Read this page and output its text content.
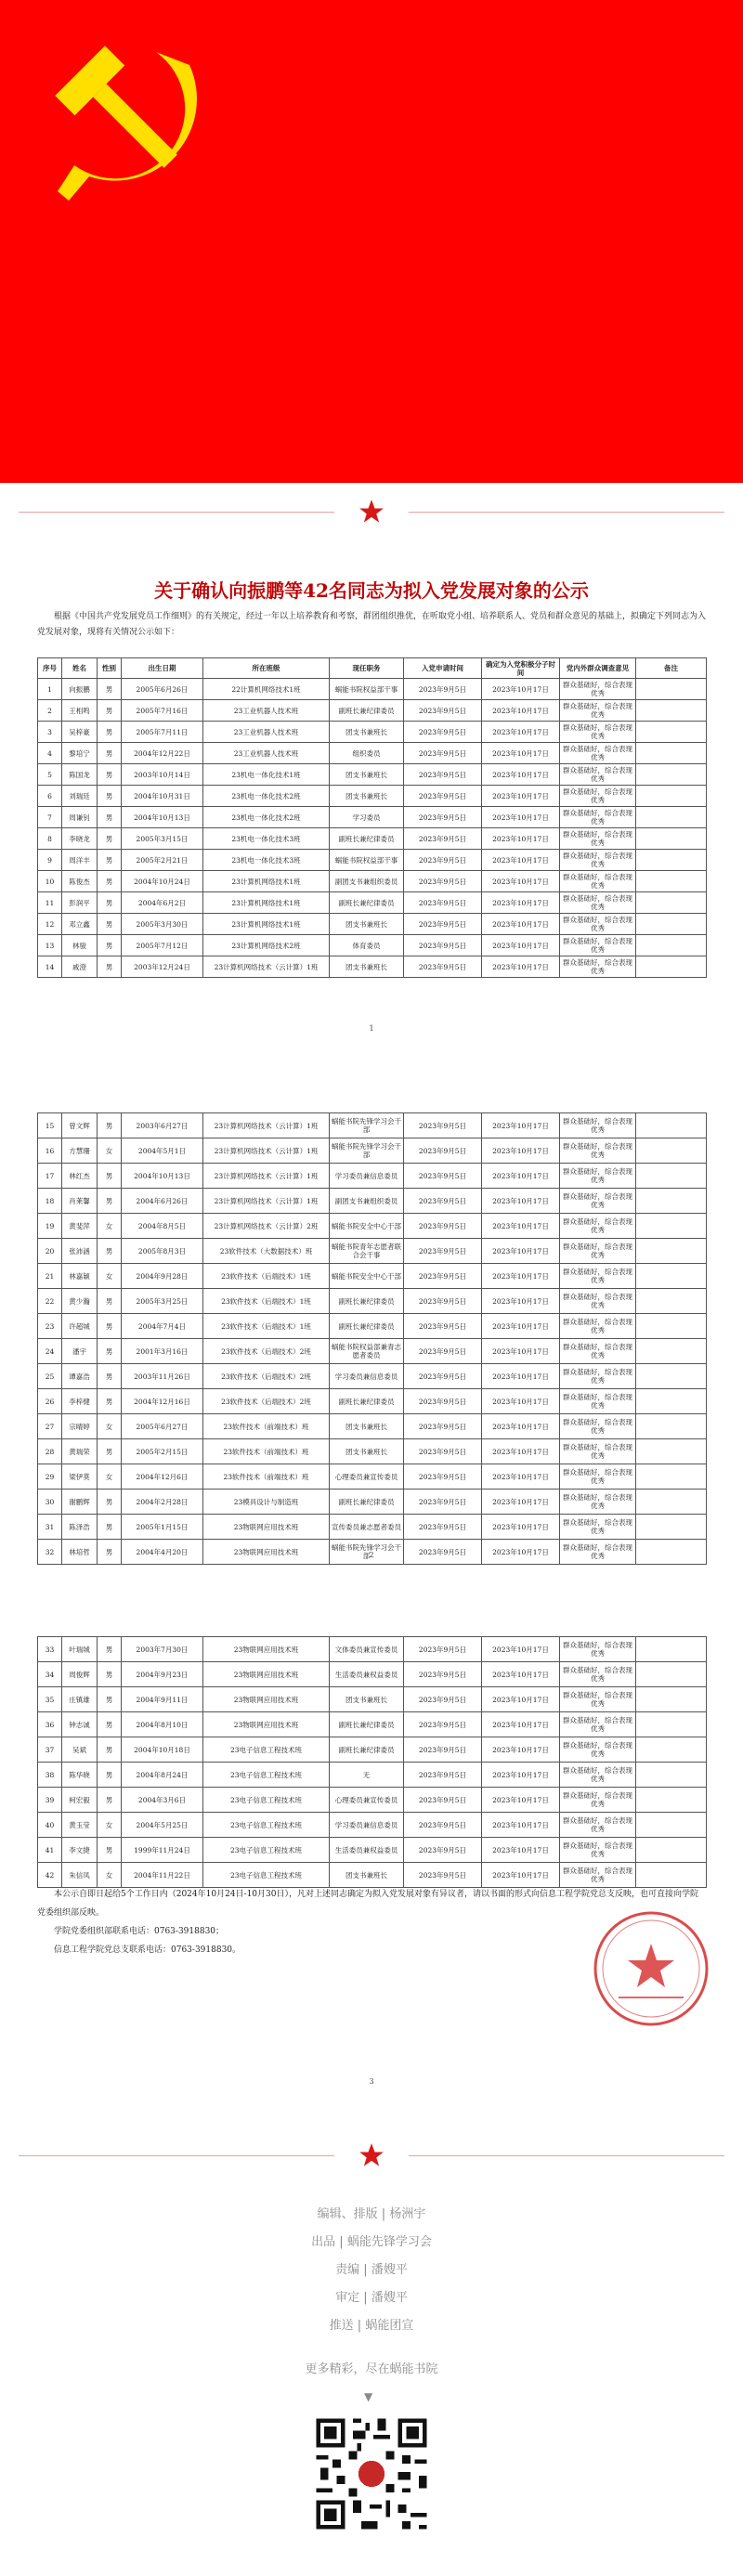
关于确认向振鹏等42名同志为拟入党发展对象的公示
根据《中国共产党发展党员工作细则》的有关规定，经过一年以上培养教育和考察，群团组织推优，在听取党小组、培养联系人、党员和群众意见的基础上，拟确定下列同志为入党发展对象，现将有关情况公示如下：
序号	姓名	性别	出生日期	所在班级	现任职务	入党申请时间	确定为入党积极分子时间	党内外群众调查意见	备注
1	向振鹏	男	2005年6月26日	22计算机网络技术1班	蜗能书院权益部干事	2023年9月5日	2023年10月17日	群众基础好，综合表现优秀	
2	王相鸣	男	2005年7月16日	23工业机器人技术班	副班长兼纪律委员	2023年9月5日	2023年10月17日	群众基础好，综合表现优秀	
3	吴梓豪	男	2005年7月11日	23工业机器人技术班	团支书兼班长	2023年9月5日	2023年10月17日	群众基础好，综合表现优秀	
4	黎培宁	男	2004年12月22日	23工业机器人技术班	组织委员	2023年9月5日	2023年10月17日	群众基础好，综合表现优秀	
5	陈国龙	男	2003年10月14日	23机电一体化技术1班	团支书兼班长	2023年9月5日	2023年10月17日	群众基础好，综合表现优秀	
6	刘瑞廷	男	2004年10月31日	23机电一体化技术2班	团支书兼班长	2023年9月5日	2023年10月17日	群众基础好，综合表现优秀	
7	周谦钊	男	2004年10月13日	23机电一体化技术2班	学习委员	2023年9月5日	2023年10月17日	群众基础好，综合表现优秀	
8	李晓龙	男	2005年3月15日	23机电一体化技术3班	副班长兼纪律委员	2023年9月5日	2023年10月17日	群众基础好，综合表现优秀	
9	周洋丰	男	2005年2月21日	23机电一体化技术3班	蜗能书院权益部干事	2023年9月5日	2023年10月17日	群众基础好，综合表现优秀	
10	陈俊杰	男	2004年10月24日	23计算机网络技术1班	副团支书兼组织委员	2023年9月5日	2023年10月17日	群众基础好，综合表现优秀	
11	彭润平	男	2004年6月2日	23计算机网络技术1班	副班长兼纪律委员	2023年9月5日	2023年10月17日	群众基础好，综合表现优秀	
12	邓立鑫	男	2005年3月30日	23计算机网络技术1班	团支书兼班长	2023年9月5日	2023年10月17日	群众基础好，综合表现优秀	
13	林骏	男	2005年7月12日	23计算机网络技术2班	体育委员	2023年9月5日	2023年10月17日	群众基础好，综合表现优秀	
14	戚澄	男	2003年12月24日	23计算机网络技术（云计算）1班	团支书兼班长	2023年9月5日	2023年10月17日	群众基础好，综合表现优秀	
1
15	曾文辉	男	2003年6月27日	23计算机网络技术（云计算）1班	蜗能书院先锋学习会干部	2023年9月5日	2023年10月17日	群众基础好，综合表现优秀	
16	方慧珊	女	2004年5月1日	23计算机网络技术（云计算）1班	蜗能书院先锋学习会干部	2023年9月5日	2023年10月17日	群众基础好，综合表现优秀	
17	林红杰	男	2004年10月13日	23计算机网络技术（云计算）1班	学习委员兼信息委员	2023年9月5日	2023年10月17日	群众基础好，综合表现优秀	
18	肖莱馨	男	2004年6月26日	23计算机网络技术（云计算）1班	副团支书兼组织委员	2023年9月5日	2023年10月17日	群众基础好，综合表现优秀	
19	黄斐萍	女	2004年8月5日	23计算机网络技术（云计算）2班	蜗能书院安全中心干部	2023年9月5日	2023年10月17日	群众基础好，综合表现优秀	
20	张沛涵	男	2005年8月3日	23软件技术（大数据技术）班	蜗能书院青年志愿者联合会干事	2023年9月5日	2023年10月17日	群众基础好，综合表现优秀	
21	林嘉颖	女	2004年9月28日	23软件技术（后端技术）1班	蜗能书院安全中心干部	2023年9月5日	2023年10月17日	群众基础好，综合表现优秀	
22	黄少瀚	男	2005年3月25日	23软件技术（后端技术）1班	副班长兼纪律委员	2023年9月5日	2023年10月17日	群众基础好，综合表现优秀	
23	许超城	男	2004年7月4日	23软件技术（后端技术）1班	副班长兼纪律委员	2023年9月5日	2023年10月17日	群众基础好，综合表现优秀	
24	潘宇	男	2001年3月16日	23软件技术（后端技术）2班	蜗能书院权益部兼青志愿者委员	2023年9月5日	2023年10月17日	群众基础好，综合表现优秀	
25	谭嘉浩	男	2003年11月26日	23软件技术（后端技术）2班	学习委员兼信息委员	2023年9月5日	2023年10月17日	群众基础好，综合表现优秀	
26	李梓健	男	2004年12月16日	23软件技术（后端技术）2班	副班长兼纪律委员	2023年9月5日	2023年10月17日	群众基础好，综合表现优秀	
27	宗晴婷	女	2005年6月27日	23软件技术（前端技术）班	团支书兼班长	2023年9月5日	2023年10月17日	群众基础好，综合表现优秀	
28	黄瑞荣	男	2005年2月15日	23软件技术（前端技术）班	团支书兼班长	2023年9月5日	2023年10月17日	群众基础好，综合表现优秀	
29	梁伊莫	女	2004年12月6日	23软件技术（前端技术）班	心理委员兼宣传委员	2023年9月5日	2023年10月17日	群众基础好，综合表现优秀	
30	谢鹏辉	男	2004年2月28日	23模具设计与制造班	副班长兼纪律委员	2023年9月5日	2023年10月17日	群众基础好，综合表现优秀	
31	陈泽浩	男	2005年1月15日	23物联网应用技术班	宣传委员兼志愿者委员	2023年9月5日	2023年10月17日	群众基础好，综合表现优秀	
32	林培哲	男	2004年4月20日	23物联网应用技术班	蜗能书院先锋学习会干部	2023年9月5日	2023年10月17日	群众基础好，综合表现优秀	
2
33	叶瑞城	男	2003年7月30日	23物联网应用技术班	文体委员兼宣传委员	2023年9月5日	2023年10月17日	群众基础好，综合表现优秀	
34	周俊辉	男	2004年9月23日	23物联网应用技术班	生活委员兼权益委员	2023年9月5日	2023年10月17日	群众基础好，综合表现优秀	
35	庄镇雄	男	2004年9月11日	23物联网应用技术班	团支书兼班长	2023年9月5日	2023年10月17日	群众基础好，综合表现优秀	
36	钟志诚	男	2004年8月10日	23物联网应用技术班	副班长兼纪律委员	2023年9月5日	2023年10月17日	群众基础好，综合表现优秀	
37	吴斌	男	2004年10月18日	23电子信息工程技术班	副班长兼纪律委员	2023年9月5日	2023年10月17日	群众基础好，综合表现优秀	
38	陈华晓	男	2004年8月24日	23电子信息工程技术班	无	2023年9月5日	2023年10月17日	群众基础好，综合表现优秀	
39	柯宏毅	男	2004年3月6日	23电子信息工程技术班	心理委员兼宣传委员	2023年9月5日	2023年10月17日	群众基础好，综合表现优秀	
40	黄玉莹	女	2004年5月25日	23电子信息工程技术班	学习委员兼信息委员	2023年9月5日	2023年10月17日	群众基础好，综合表现优秀	
41	李文捷	男	1999年11月24日	23电子信息工程技术班	生活委员兼权益委员	2023年9月5日	2023年10月17日	群众基础好，综合表现优秀	
42	朱信凤	女	2004年11月22日	23电子信息工程技术班	团支书兼班长	2023年9月5日	2023年10月17日	群众基础好，综合表现优秀	

本公示自即日起给5个工作日内（2024年10月24日-10月30日），凡对上述同志确定为拟入党发展对象有异议者，请以书面的形式向信息工程学院党总支反映，也可直接向学院党委组织部反映。

学院党委组织部联系电话：0763-3918830；

信息工程学院党总支联系电话：0763-3918830。

3
编辑、排版 | 杨洲宇
出品 | 蜗能先锋学习会
责编 | 潘嫂平
审定 | 潘嫂平
推送 | 蜗能团宣
更多精彩，尽在蜗能书院
▼
